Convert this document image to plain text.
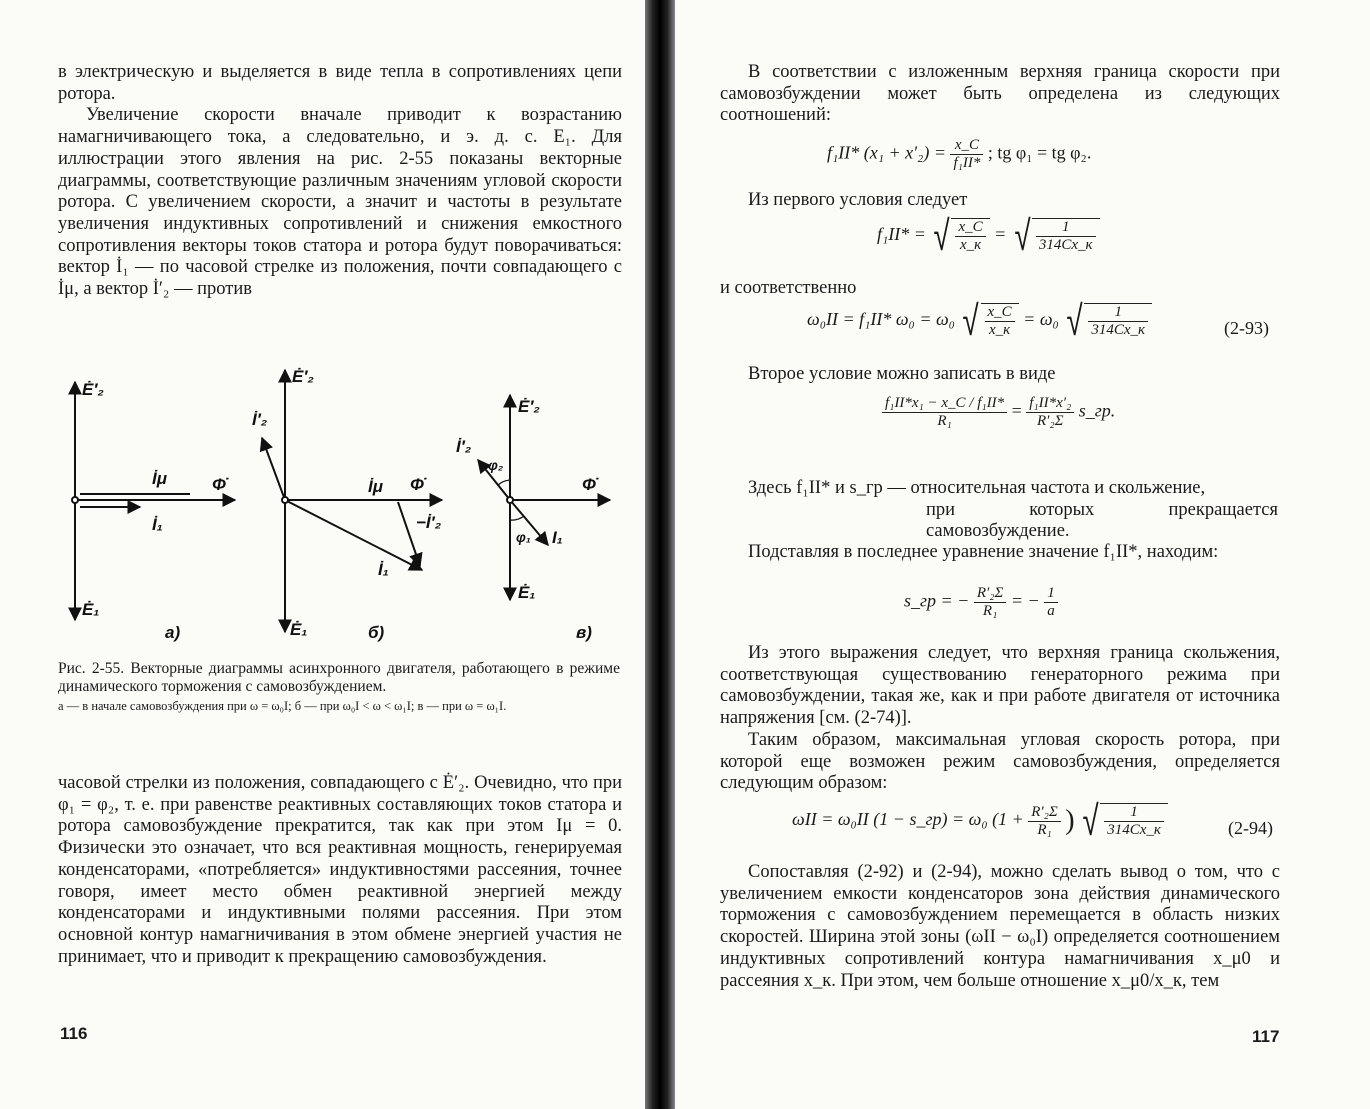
в электрическую и выделяется в виде тепла в сопротивлениях цепи ротора.

Увеличение скорости вначале приводит к возрастанию намагничивающего тока, а следовательно, и э. д. с. E₁. Для иллюстрации этого явления на рис. 2-55 показаны векторные диаграммы, соответствующие различным значениям угловой скорости ротора. С увеличением скорости, а значит и частоты в результате увеличения индуктивных сопротивлений и снижения емкостного сопротивления векторы токов статора и ротора будут поворачиваться: вектор İ₁ — по часовой стрелке из положения, почти совпадающего с İμ, а вектор İ′₂ — против

Ė′₂
İμ	Φ̇
İ₁
Ė₁
а)
Ė′₂
İ′₂
İμ Φ̇
−İ′₂
İ₁
Ė₁	б)
Ė′₂
İ′₂
φ₂
Φ̇
φ₁ I₁
Ė₁
в)
Рис. 2-55. Векторные диаграммы асинхронного двигателя, работающего в режиме динамического торможения с самовозбуждением.
а — в начале самовозбуждения при ω = ω₀I; б — при ω₀I < ω < ω₁I; в — при ω = ω₁I.

часовой стрелки из положения, совпадающего с Ė′₂. Очевидно, что при φ₁ = φ₂, т. е. при равенстве реактивных составляющих токов статора и ротора самовозбуждение прекратится, так как при этом Iμ = 0. Физически это означает, что вся реактивная мощность, генерируемая конденсаторами, «потребляется» индуктивностями рассеяния, точнее говоря, имеет место обмен реактивной энергией между конденсаторами и индуктивными полями рассеяния. При этом основной контур намагничивания в этом обмене энергией участия не принимает, что и приводит к прекращению самовозбуждения.

116
В соответствии с изложенным верхняя граница скорости при самовозбуждении может быть определена из следующих соотношений:
f₁II* $(x_1 + x'_2) = \frac{x\_C}{\text{f₁II*}}$ ; tg φ₁ = tg φ₂.
Из первого условия следует
f₁II* = √ $\frac{x\_C}{x\_к}$ = √ $\frac{1}{314Cx\_к}$
и соответственно
ω₀II = f₁II* ω₀ = ω₀ √ $\frac{x\_C}{x\_к} = \omega_0$ √ $\frac{1}{314Cx\_к}$	(2-93)
Второе условие можно записать в виде
$\frac{\text{f₁II*x₁ − x\_C / f₁II*}}{\text{R₁}} = \frac{\text{f₁II*x′₂}}{\text{R′₂Σ}}$ s_гр.

Здесь f₁II* и s_гр — относительная частота и скольжение,

при которых прекращается самовозбуждение.

Подставляя в последнее уравнение значение f₁II*, находим:
s_гр = − $\frac{\text{R′₂Σ}}{\text{R₁}}$ = − $\frac{1}{a}$
Из этого выражения следует, что верхняя граница скольжения, соответствующая существованию генераторного режима при самовозбуждении, такая же, как и при работе двигателя от источника напряжения [см. (2-74)].
Таким образом, максимальная угловая скорость ротора, при которой еще возможен режим самовозбуждения, определяется следующим образом:
ωII = ω₀II (1 − s_гр) = ω₀ ($1 + \frac{\text{R′₂Σ}}{\text{R₁}}$ ) √ $\frac{1}{314Cx\_к}$	(2-94)
Сопоставляя (2-92) и (2-94), можно сделать вывод о том, что с увеличением емкости конденсаторов зона действия динамического торможения с самовозбуждением перемещается в область низких скоростей. Ширина этой зоны (ωII − ω₀I) определяется соотношением индуктивных сопротивлений контура намагничивания x_μ0 и рассеяния x_к. При этом, чем больше отношение x_μ0/x_к, тем
117
